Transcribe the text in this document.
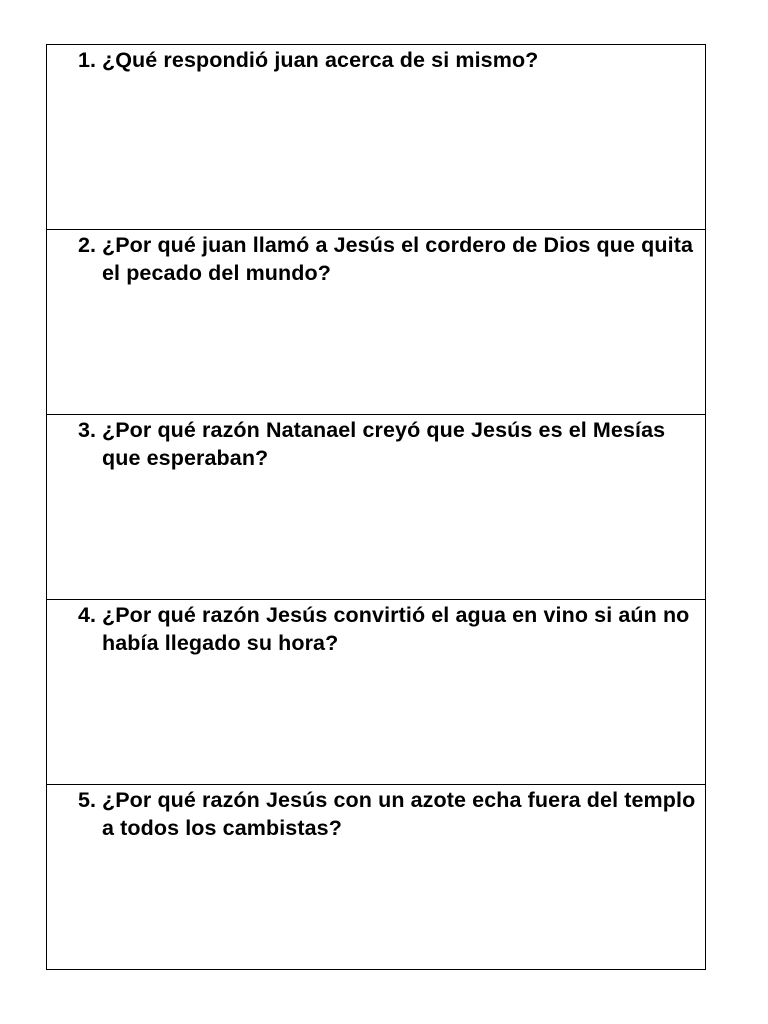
1. ¿Qué respondió juan acerca de si mismo?

2. ¿Por qué juan llamó a Jesús el cordero de Dios que quita el pecado del mundo?

3. ¿Por qué razón Natanael creyó que Jesús es el Mesías que esperaban?

4. ¿Por qué razón Jesús convirtió el agua en vino si aún no había llegado su hora?

5. ¿Por qué razón Jesús con un azote echa fuera del templo a todos los cambistas?
